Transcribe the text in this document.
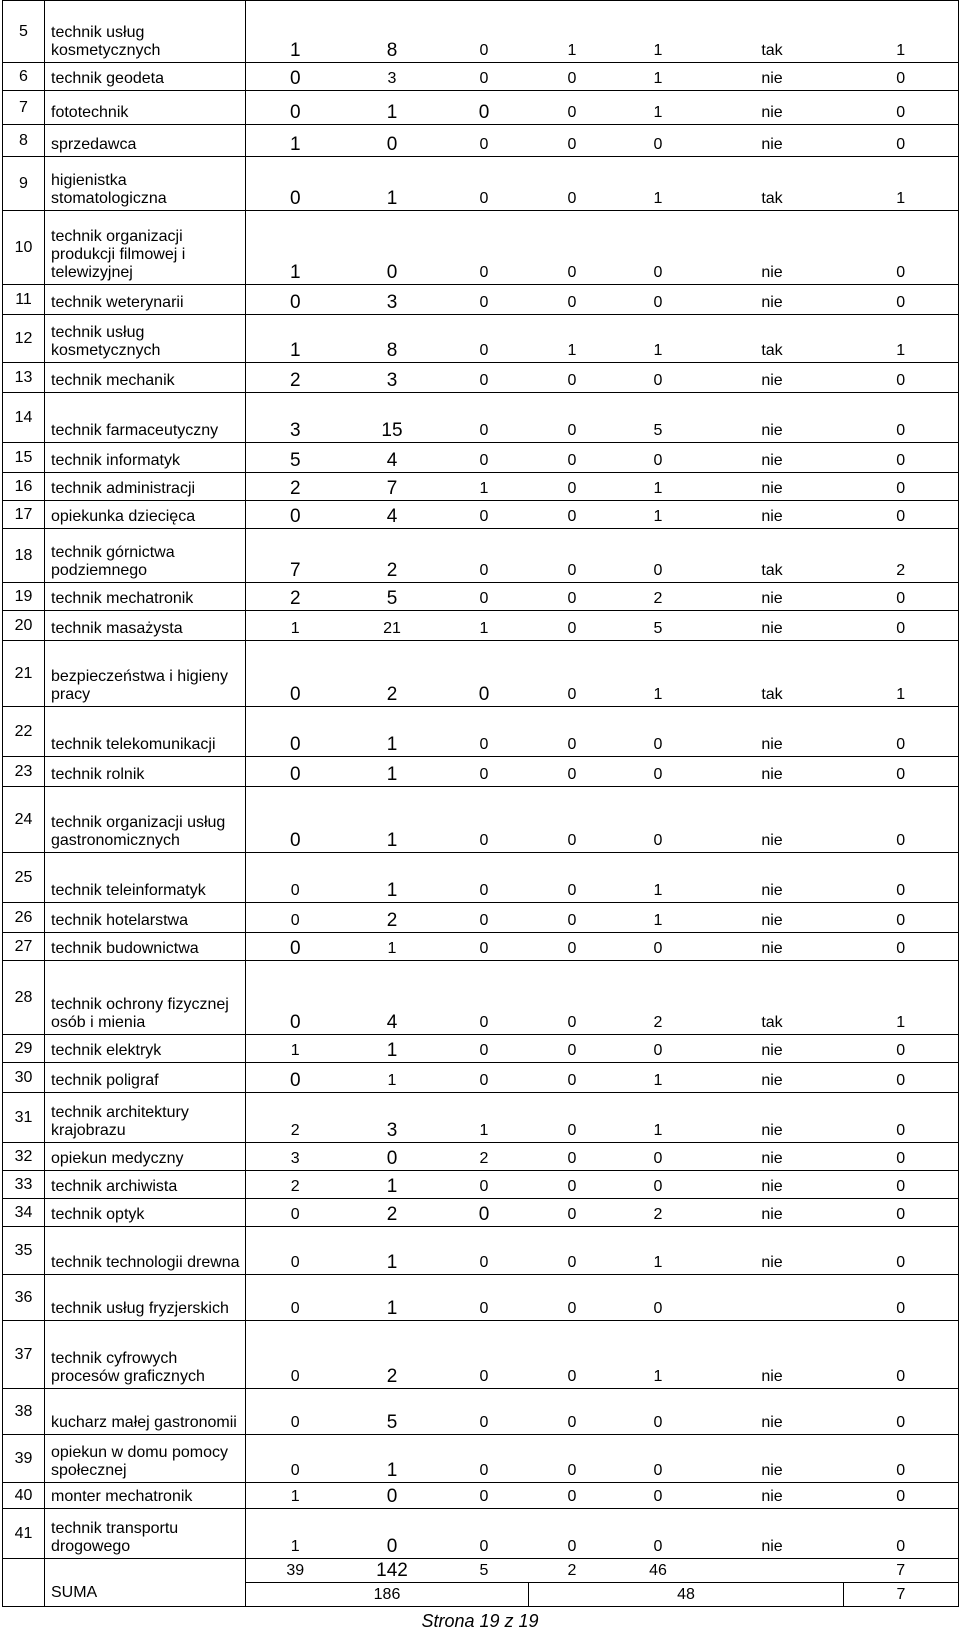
5	technik usług kosmetycznych	1	8	0	1	1	tak	1
6	technik geodeta	0	3	0	0	1	nie	0
7	fototechnik	0	1	0	0	1	nie	0
8	sprzedawca	1	0	0	0	0	nie	0
9	higienistka stomatologiczna	0	1	0	0	1	tak	1
10	technik organizacji produkcji filmowej i telewizyjnej	1	0	0	0	0	nie	0
11	technik weterynarii	0	3	0	0	0	nie	0
12	technik usług kosmetycznych	1	8	0	1	1	tak	1
13	technik mechanik	2	3	0	0	0	nie	0
14	technik farmaceutyczny	3	15	0	0	5	nie	0
15	technik informatyk	5	4	0	0	0	nie	0
16	technik administracji	2	7	1	0	1	nie	0
17	opiekunka dziecięca	0	4	0	0	1	nie	0
18	technik górnictwa podziemnego	7	2	0	0	0	tak	2
19	technik mechatronik	2	5	0	0	2	nie	0
20	technik masażysta	1	21	1	0	5	nie	0
21	bezpieczeństwa i higieny pracy	0	2	0	0	1	tak	1
22	technik telekomunikacji	0	1	0	0	0	nie	0
23	technik rolnik	0	1	0	0	0	nie	0
24	technik organizacji usług gastronomicznych	0	1	0	0	0	nie	0
25	technik teleinformatyk	0	1	0	0	1	nie	0
26	technik hotelarstwa	0	2	0	0	1	nie	0
27	technik budownictwa	0	1	0	0	0	nie	0
28	technik ochrony fizycznej osób i mienia	0	4	0	0	2	tak	1
29	technik elektryk	1	1	0	0	0	nie	0
30	technik poligraf	0	1	0	0	1	nie	0
31	technik architektury krajobrazu	2	3	1	0	1	nie	0
32	opiekun medyczny	3	0	2	0	0	nie	0
33	technik archiwista	2	1	0	0	0	nie	0
34	technik optyk	0	2	0	0	2	nie	0
35	technik technologii drewna	0	1	0	0	1	nie	0
36	technik usług fryzjerskich	0	1	0	0	0		0
37	technik cyfrowych procesów graficznych	0	2	0	0	1	nie	0
38	kucharz małej gastronomii	0	5	0	0	0	nie	0
39	opiekun w domu pomocy społecznej	0	1	0	0	0	nie	0
40	monter mechatronik	1	0	0	0	0	nie	0
41	technik transportu drogowego	1	0	0	0	0	nie	0
	SUMA	39	142	5	2	46		7
		186			48			7
Strona 19 z 19
